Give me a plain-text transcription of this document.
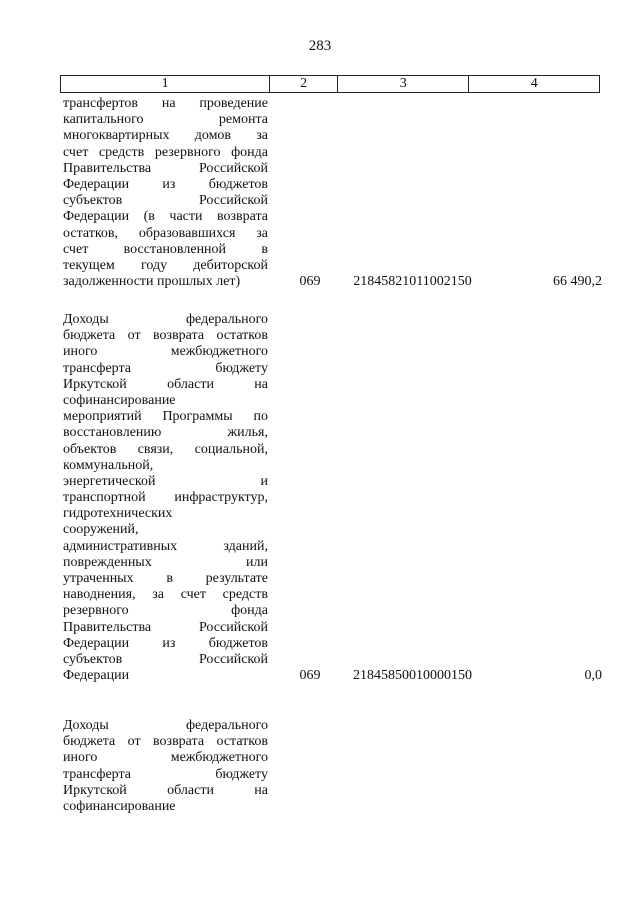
283
1	2	3	4
трансфертов на проведение
капитального ремонта
многоквартирных домов за
счет средств резервного фонда
Правительства Российской
Федерации из бюджетов
субъектов Российской
Федерации (в части возврата
остатков, образовавшихся за
счет восстановленной в
текущем году дебиторской
задолженности прошлых лет)	069	21845821011002150	66 490,2
Доходы федерального
бюджета от возврата остатков
иного межбюджетного
трансферта бюджету
Иркутской области на
софинансирование
мероприятий Программы по
восстановлению жилья,
объектов связи, социальной,
коммунальной,
энергетической и
транспортной инфраструктур,
гидротехнических
сооружений,
административных зданий,
поврежденных или
утраченных в результате
наводнения, за счет средств
резервного фонда
Правительства Российской
Федерации из бюджетов
субъектов Российской
Федерации	069	21845850010000150	0,0
Доходы федерального
бюджета от возврата остатков
иного межбюджетного
трансферта бюджету
Иркутской области на
софинансирование
